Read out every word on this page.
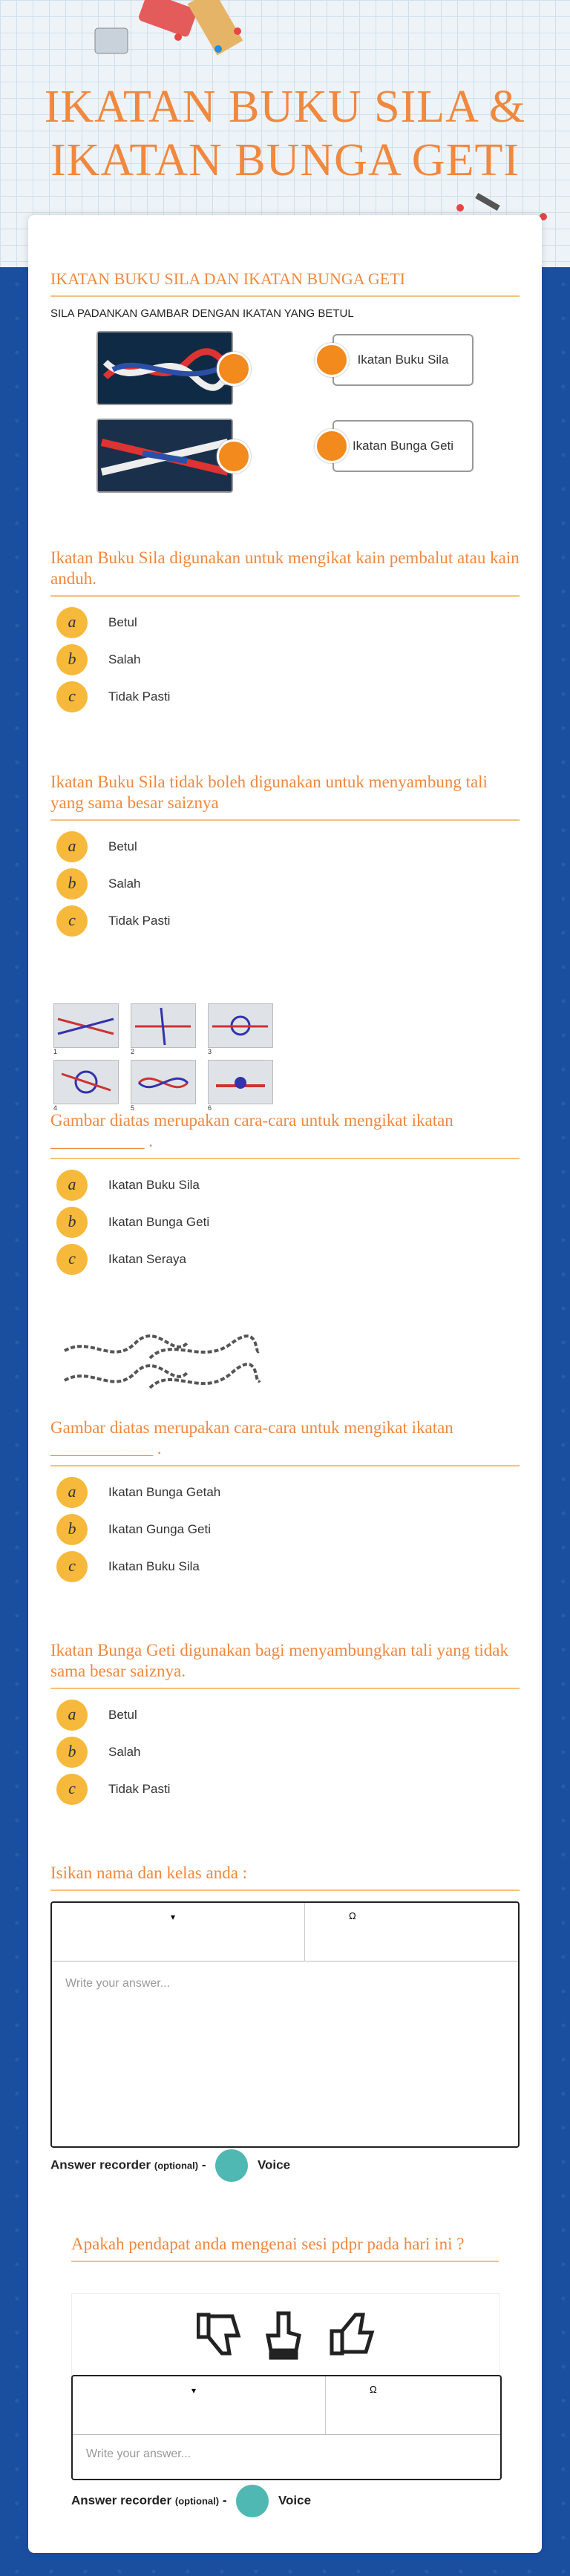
IKATAN BUKU SILA &
IKATAN BUNGA GETI
IKATAN BUKU SILA DAN IKATAN BUNGA GETI
SILA PADANKAN GAMBAR DENGAN IKATAN YANG BETUL
Ikatan Buku Sila
Ikatan Bunga Geti
Ikatan Buku Sila digunakan untuk mengikat kain pembalut atau kain anduh.
a	Betul
b	Salah
c	Tidak Pasti
Ikatan Buku Sila tidak boleh digunakan untuk menyambung tali yang sama besar saiznya
a	Betul
b	Salah
c	Tidak Pasti
1	2	3
4	5	6
Gambar diatas merupakan cara-cara untuk mengikat ikatan ___________ .
a	Ikatan Buku Sila
b	Ikatan Bunga Geti
c	Ikatan Seraya
Gambar diatas merupakan cara-cara untuk mengikat ikatan ____________ .
a	Ikatan Bunga Getah
b	Ikatan Gunga Geti
c	Ikatan Buku Sila
Ikatan Bunga Geti digunakan bagi menyambungkan tali yang tidak sama besar saiznya.
a	Betul
b	Salah
c	Tidak Pasti
Isikan nama dan kelas anda :
▾	Ω
Write your answer...
Answer recorder (optional) -	Voice
Apakah pendapat anda mengenai sesi pdpr pada hari ini ?
▾	Ω
Write your answer...
Answer recorder (optional) -	Voice
